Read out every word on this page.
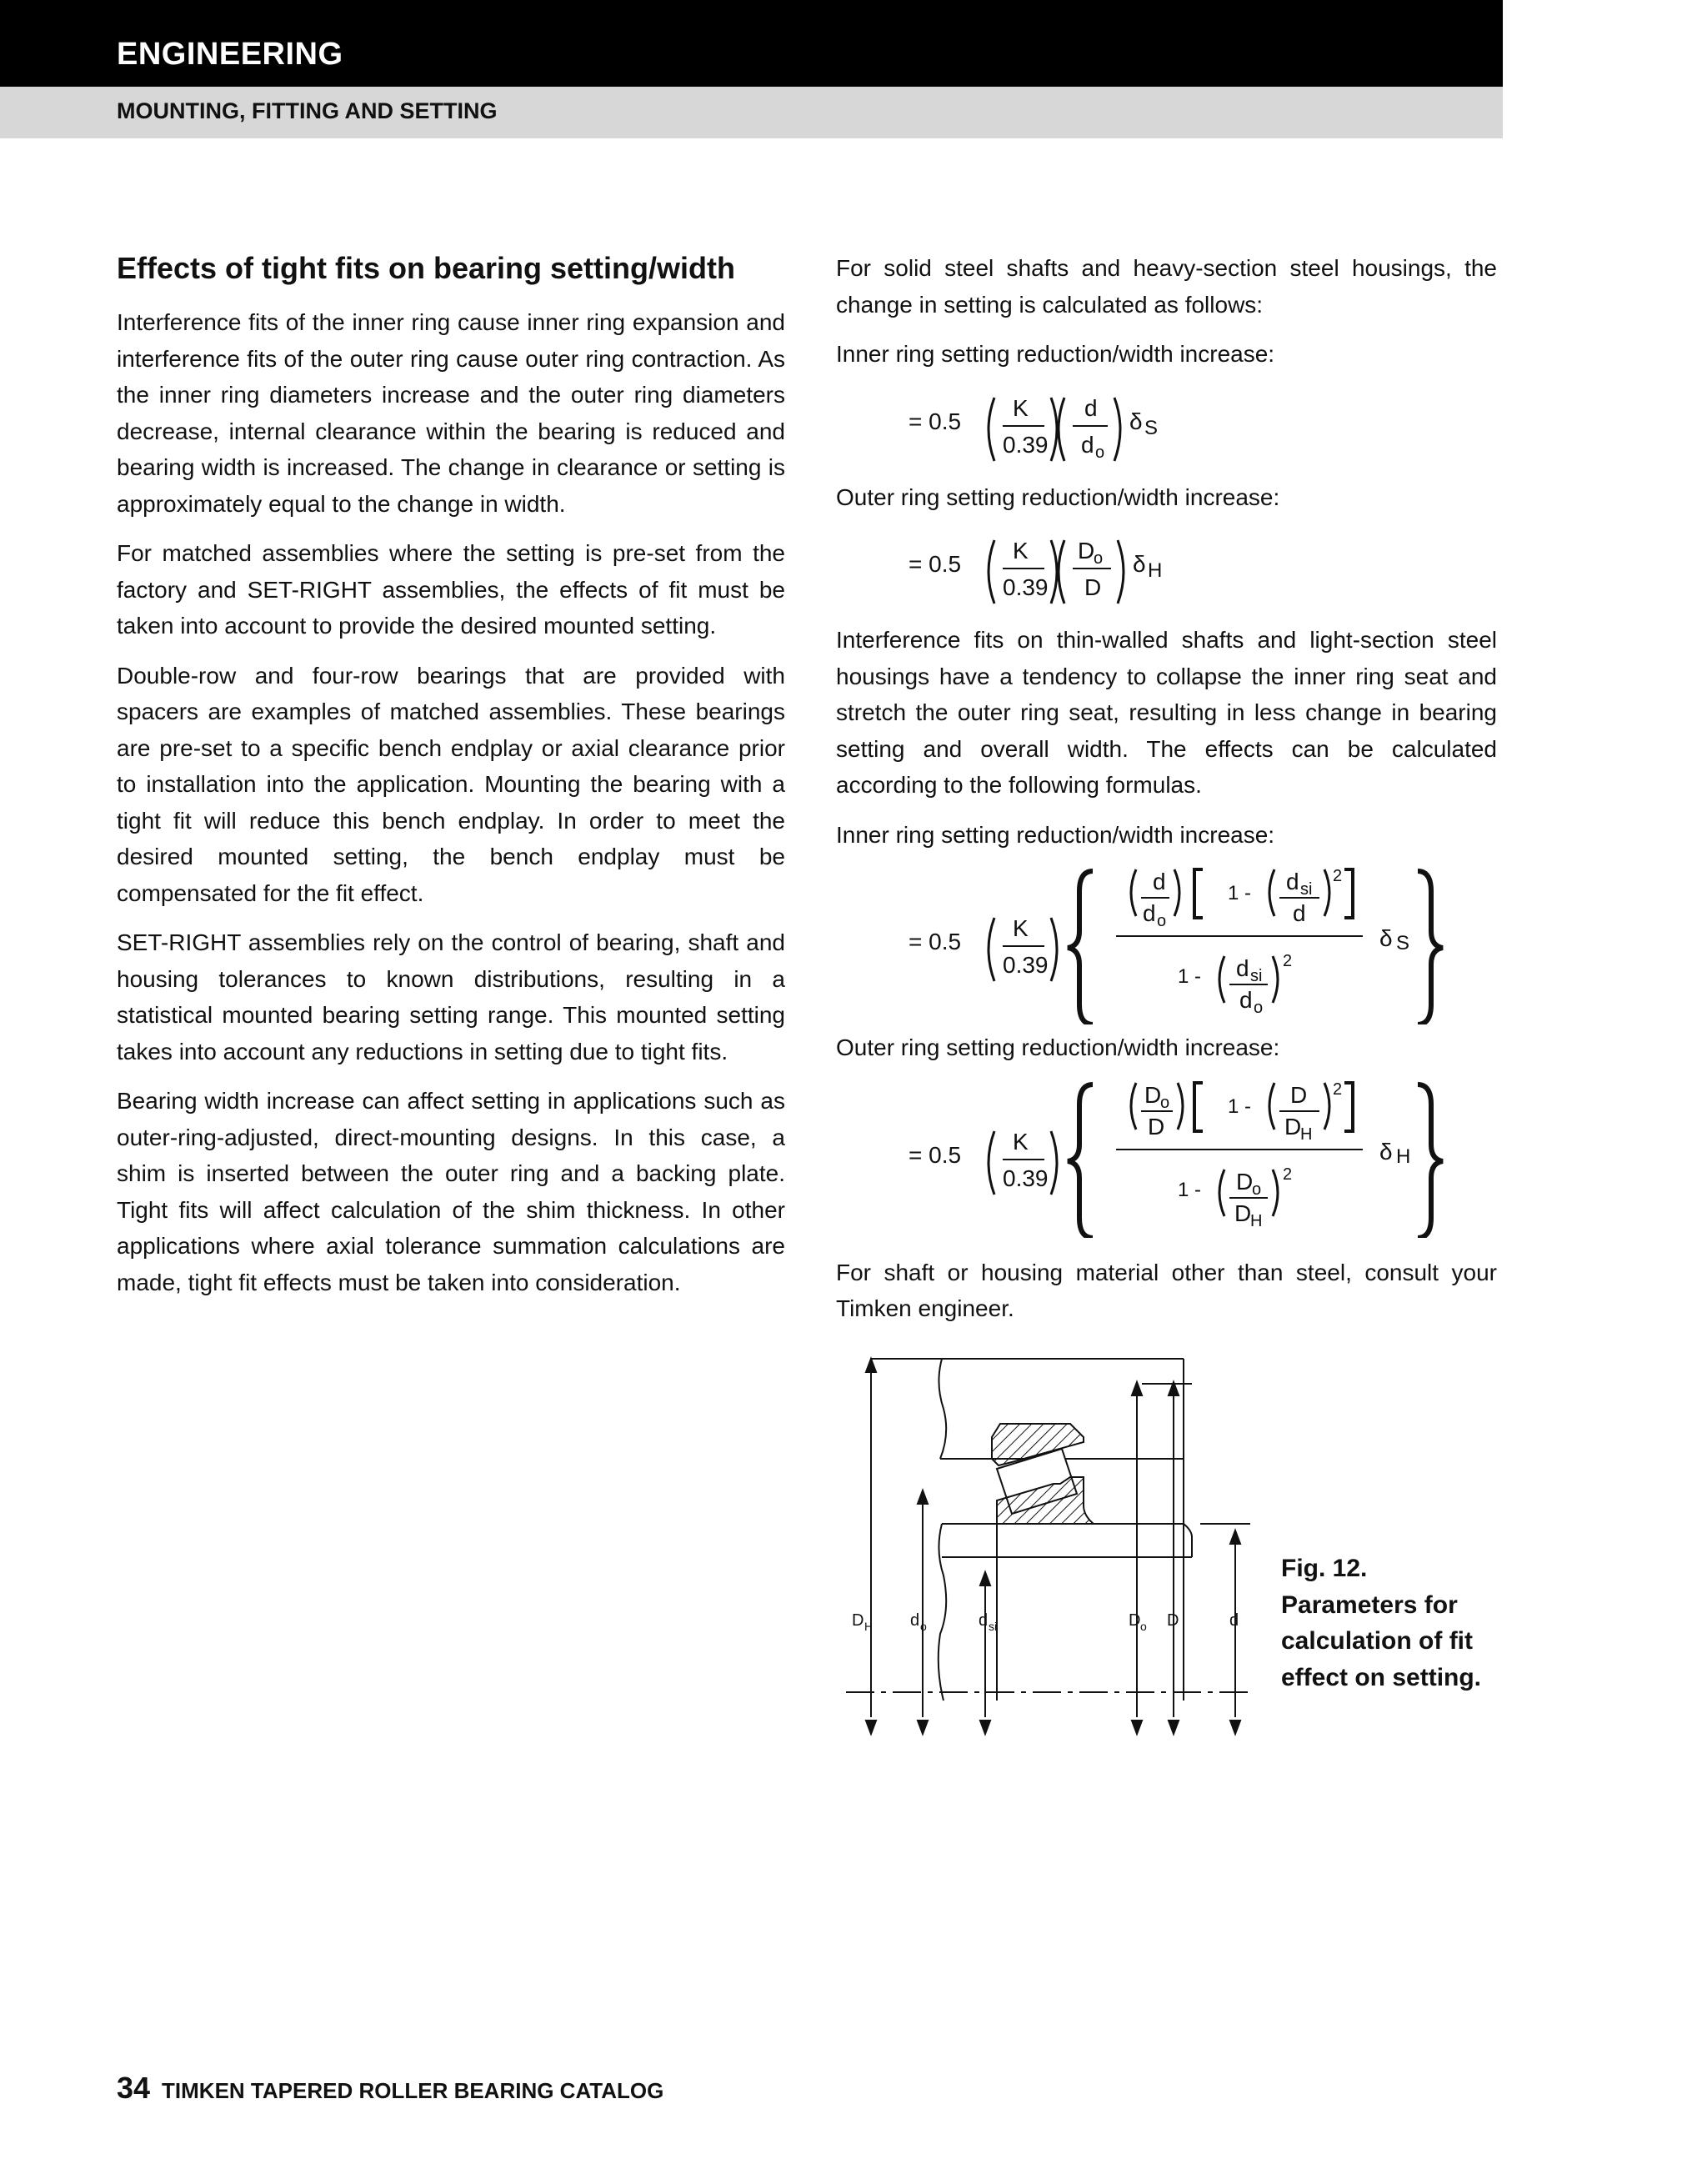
ENGINEERING
MOUNTING, FITTING AND SETTING
Effects of tight fits on bearing setting/width

Interference fits of the inner ring cause inner ring expansion and interference fits of the outer ring cause outer ring contraction. As the inner ring diameters increase and the outer ring diameters decrease, internal clearance within the bearing is reduced and bearing width is increased. The change in clearance or setting is approximately equal to the change in width.

For matched assemblies where the setting is pre-set from the factory and SET-RIGHT assemblies, the effects of fit must be taken into account to provide the desired mounted setting.

Double-row and four-row bearings that are provided with spacers are examples of matched assemblies. These bearings are pre-set to a specific bench endplay or axial clearance prior to installation into the application. Mounting the bearing with a tight fit will reduce this bench endplay. In order to meet the desired mounted setting, the bench endplay must be compensated for the fit effect.

SET-RIGHT assemblies rely on the control of bearing, shaft and housing tolerances to known distributions, resulting in a statistical mounted bearing setting range. This mounted setting takes into account any reductions in setting due to tight fits.

Bearing width increase can affect setting in applications such as outer-ring-adjusted, direct-mounting designs. In this case, a shim is inserted between the outer ring and a backing plate. Tight fits will affect calculation of the shim thickness. In other applications where axial tolerance summation calculations are made, tight fit effects must be taken into consideration.

For solid steel shafts and heavy-section steel housings, the change in setting is calculated as follows:

Inner ring setting reduction/width increase:

= 0.5
K
0.39
d
d o
δ S

Outer ring setting reduction/width increase:

= 0.5
K
0.39
D
o
D
δ H

Interference fits on thin-walled shafts and light-section steel housings have a tendency to collapse the inner ring seat and stretch the outer ring seat, resulting in less change in bearing setting and overall width. The effects can be calculated according to the following formulas.

Inner ring setting reduction/width increase:

= 0.5
K
0.39
d
d o
1 - d si
d
2
1 - d si
d o
2
δ S

Outer ring setting reduction/width increase:

= 0.5
K
0.39
D
o
D
1 - D
D
H
2
1 - D
o
D
H
2
δ H

For shaft or housing material other than steel, consult your Timken engineer.

D H d o	d si	D o D	d
Fig. 12. Parameters for calculation of fit effect on setting.
34 TIMKEN TAPERED ROLLER BEARING CATALOG
